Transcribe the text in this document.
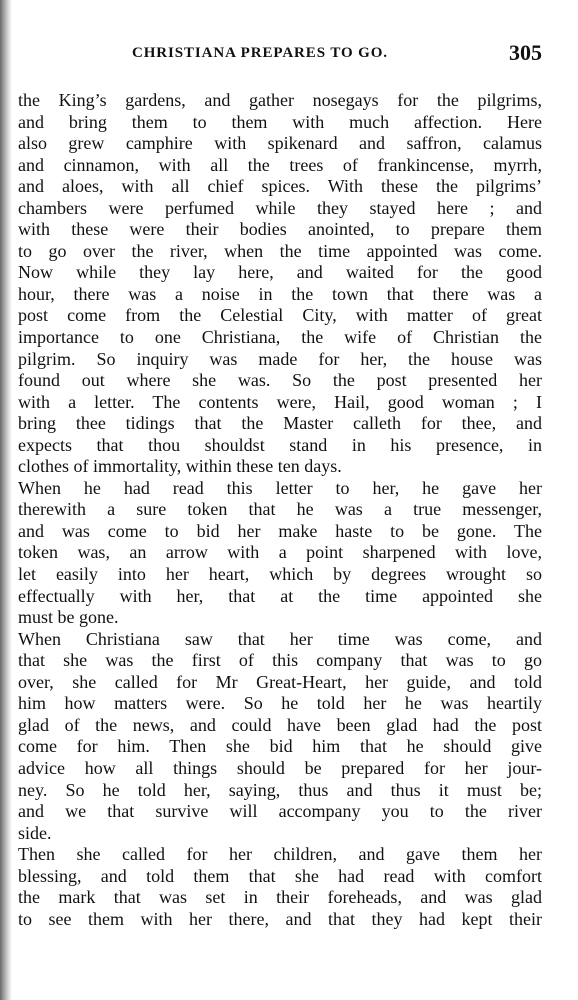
CHRISTIANA PREPARES TO GO.	305
the King’s gardens, and gather nosegays for the pilgrims,
and bring them to them with much affection. Here
also grew camphire with spikenard and saffron, calamus
and cinnamon, with all the trees of frankincense, myrrh,
and aloes, with all chief spices. With these the pilgrims’
chambers were perfumed while they stayed here ; and
with these were their bodies anointed, to prepare them
to go over the river, when the time appointed was come.
Now while they lay here, and waited for the good
hour, there was a noise in the town that there was a
post come from the Celestial City, with matter of great
importance to one Christiana, the wife of Christian the
pilgrim. So inquiry was made for her, the house was
found out where she was. So the post presented her
with a letter. The contents were, Hail, good woman ; I
bring thee tidings that the Master calleth for thee, and
expects that thou shouldst stand in his presence, in
clothes of immortality, within these ten days.
When he had read this letter to her, he gave her
therewith a sure token that he was a true messenger,
and was come to bid her make haste to be gone. The
token was, an arrow with a point sharpened with love,
let easily into her heart, which by degrees wrought so
effectually with her, that at the time appointed she
must be gone.
When Christiana saw that her time was come, and
that she was the first of this company that was to go
over, she called for Mr Great-Heart, her guide, and told
him how matters were. So he told her he was heartily
glad of the news, and could have been glad had the post
come for him. Then she bid him that he should give
advice how all things should be prepared for her jour-
ney. So he told her, saying, thus and thus it must be;
and we that survive will accompany you to the river
side.
Then she called for her children, and gave them her
blessing, and told them that she had read with comfort
the mark that was set in their foreheads, and was glad
to see them with her there, and that they had kept their
